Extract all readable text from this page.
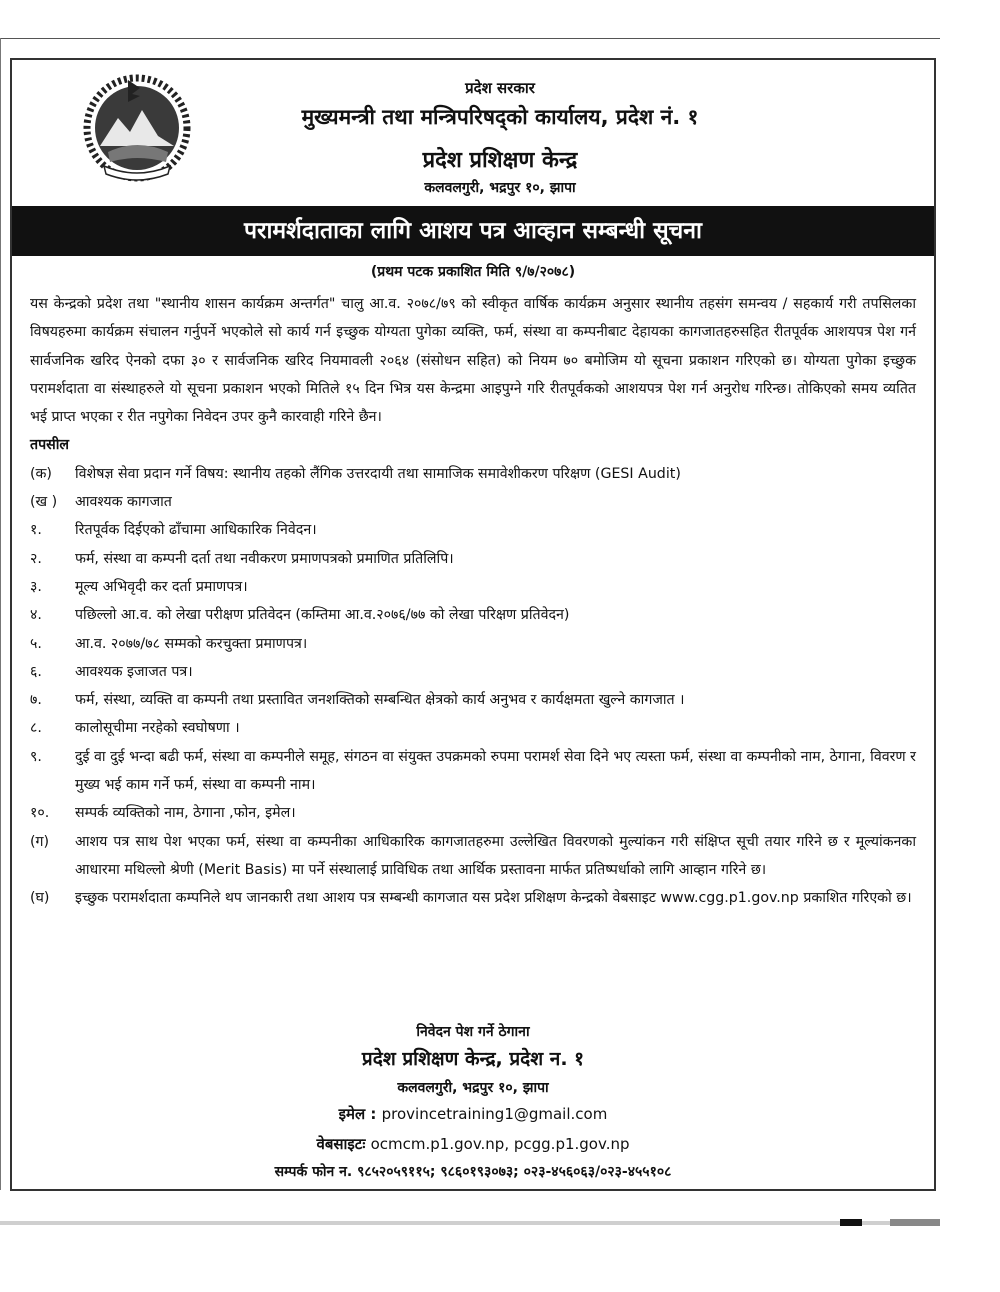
प्रदेश सरकार
मुख्यमन्त्री तथा मन्त्रिपरिषद्को कार्यालय, प्रदेश नं. १
प्रदेश प्रशिक्षण केन्द्र
कलवलगुरी, भद्रपुर १०, झापा
परामर्शदाताका लागि आशय पत्र आव्हान सम्बन्धी सूचना
(प्रथम पटक प्रकाशित मिति ९/७/२०७८)

यस केन्द्रको प्रदेश तथा "स्थानीय शासन कार्यक्रम अन्तर्गत" चालु आ.व. २०७८/७९ को स्वीकृत वार्षिक कार्यक्रम अनुसार स्थानीय तहसंग समन्वय / सहकार्य गरी तपसिलका विषयहरुमा कार्यक्रम संचालन गर्नुपर्ने भएकोले सो कार्य गर्न इच्छुक योग्यता पुगेका व्यक्ति, फर्म, संस्था वा कम्पनीबाट देहायका कागजातहरुसहित रीतपूर्वक आशयपत्र पेश गर्न सार्वजनिक खरिद ऐनको दफा ३० र सार्वजनिक खरिद नियमावली २०६४ (संसोधन सहित) को नियम ७० बमोजिम यो सूचना प्रकाशन गरिएको छ। योग्यता पुगेका इच्छुक परामर्शदाता वा संस्थाहरुले यो सूचना प्रकाशन भएको मितिले १५ दिन भित्र यस केन्द्रमा आइपुग्ने गरि रीतपूर्वकको आशयपत्र पेश गर्न अनुरोध गरिन्छ। तोकिएको समय व्यतित भई प्राप्त भएका र रीत नपुगेका निवेदन उपर कुनै कारवाही गरिने छैन।

तपसील

(क) विशेषज्ञ सेवा प्रदान गर्ने विषय: स्थानीय तहको लैंगिक उत्तरदायी तथा सामाजिक समावेशीकरण परिक्षण (GESI Audit)
(ख ) आवश्यक कागजात
१. रितपूर्वक दिईएको ढाँचामा आधिकारिक निवेदन।
२. फर्म, संस्था वा कम्पनी दर्ता तथा नवीकरण प्रमाणपत्रको प्रमाणित प्रतिलिपि।
३. मूल्य अभिवृदी कर दर्ता प्रमाणपत्र।
४. पछिल्लो आ.व. को लेखा परीक्षण प्रतिवेदन (कम्तिमा आ.व.२०७६/७७ को लेखा परिक्षण प्रतिवेदन)
५. आ.व. २०७७/७८ सम्मको करचुक्ता प्रमाणपत्र।
६. आवश्यक इजाजत पत्र।
७. फर्म, संस्था, व्यक्ति वा कम्पनी तथा प्रस्तावित जनशक्तिको सम्बन्धित क्षेत्रको कार्य अनुभव र कार्यक्षमता खुल्ने कागजात ।
८. कालोसूचीमा नरहेको स्वघोषणा ।
९. दुई वा दुई भन्दा बढी फर्म, संस्था वा कम्पनीले समूह, संगठन वा संयुक्त उपक्रमको रुपमा परामर्श सेवा दिने भए त्यस्ता फर्म, संस्था वा कम्पनीको नाम, ठेगाना, विवरण र मुख्य भई काम गर्ने फर्म, संस्था वा कम्पनी नाम।
१०. सम्पर्क व्यक्तिको नाम, ठेगाना ,फोन, इमेल।
(ग) आशय पत्र साथ पेश भएका फर्म, संस्था वा कम्पनीका आधिकारिक कागजातहरुमा उल्लेखित विवरणको मुल्यांकन गरी संक्षिप्त सूची तयार गरिने छ र मूल्यांकनका आधारमा मथिल्लो श्रेणी (Merit Basis) मा पर्ने संस्थालाई प्राविधिक तथा आर्थिक प्रस्तावना मार्फत प्रतिष्पर्धाको लागि आव्हान गरिने छ।
(घ) इच्छुक परामर्शदाता कम्पनिले थप जानकारी तथा आशय पत्र सम्बन्धी कागजात यस प्रदेश प्रशिक्षण केन्द्रको वेबसाइट www.cgg.p1.gov.np प्रकाशित गरिएको छ।
निवेदन पेश गर्ने ठेगाना
प्रदेश प्रशिक्षण केन्द्र, प्रदेश न. १
कलवलगुरी, भद्रपुर १०, झापा
इमेल : provincetraining1@gmail.com
वेबसाइटः ocmcm.p1.gov.np, pcgg.p1.gov.np
सम्पर्क फोन न. ९८५२०५९११५; ९८६०१९३०७३; ०२३-४५६०६३/०२३-४५५१०८
